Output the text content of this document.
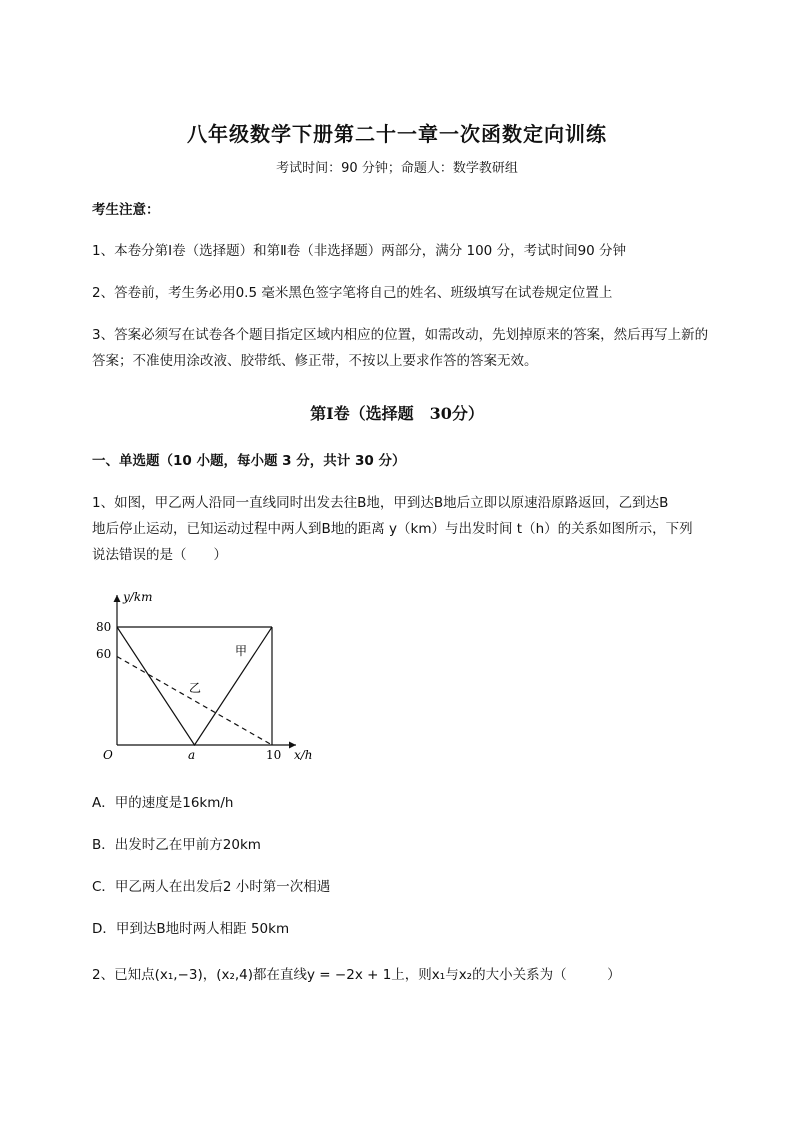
八年级数学下册第二十一章一次函数定向训练
考试时间：90 分钟；命题人：数学教研组
考生注意：
1、本卷分第Ⅰ卷（选择题）和第Ⅱ卷（非选择题）两部分，满分 100 分，考试时间90 分钟
2、答卷前，考生务必用0.5 毫米黑色签字笔将自己的姓名、班级填写在试卷规定位置上
3、答案必须写在试卷各个题目指定区域内相应的位置，如需改动，先划掉原来的答案，然后再写上新的答案；不准使用涂改液、胶带纸、修正带，不按以上要求作答的答案无效。
第Ⅰ卷（选择题　30分）
一、单选题（10 小题，每小题 3 分，共计 30 分）
1、如图，甲乙两人沿同一直线同时出发去往B地，甲到达B地后立即以原速沿原路返回，乙到达B
地后停止运动，已知运动过程中两人到B地的距离 y（km）与出发时间 t（h）的关系如图所示，下列
说法错误的是（　　）
y/km
x/h
O
80
60
a	10
甲
乙
A．甲的速度是16km/h
B．出发时乙在甲前方20km
C．甲乙两人在出发后2 小时第一次相遇
D．甲到达B地时两人相距 50km
2、已知点(x₁,−3)，(x₂,4)都在直线y = −2x + 1上，则x₁与x₂的大小关系为（　　　）
